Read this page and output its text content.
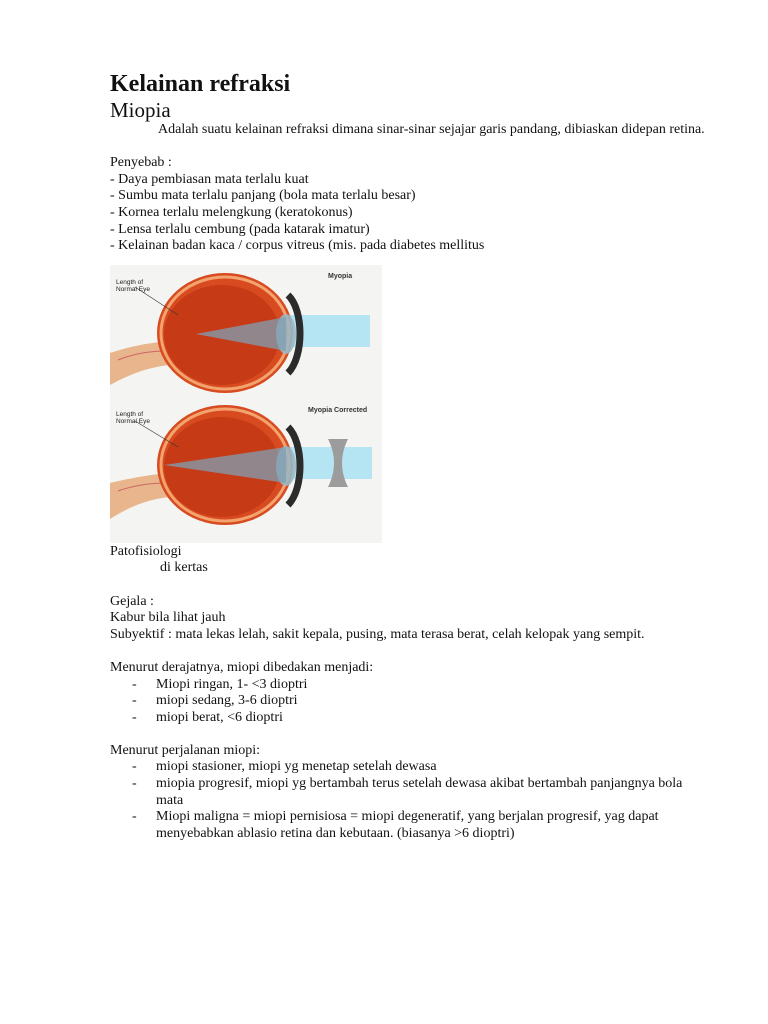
Kelainan refraksi
Miopia

Adalah suatu kelainan refraksi dimana sinar-sinar sejajar garis pandang, dibiaskan didepan retina.

Penyebab :
- Daya pembiasan mata terlalu kuat
- Sumbu mata terlalu panjang (bola mata terlalu besar)
- Kornea terlalu melengkung (keratokonus)
- Lensa terlalu cembung (pada katarak imatur)
- Kelainan badan kaca / corpus vitreus (mis. pada diabetes mellitus
Length of Normal Eye
Myopia
Length of Normal Eye
Myopia Corrected
Patofisiologi
di kertas
Gejala :
Kabur bila lihat jauh
Subyektif : mata lekas lelah, sakit kepala, pusing, mata terasa berat, celah kelopak yang sempit.
Menurut derajatnya, miopi dibedakan menjadi:
- Miopi ringan, 1- <3 dioptri
- miopi sedang, 3-6 dioptri
- miopi berat, <6 dioptri
Menurut perjalanan miopi:
- miopi stasioner, miopi yg menetap setelah dewasa
- miopia progresif, miopi yg bertambah terus setelah dewasa akibat bertambah panjangnya bola mata
- Miopi maligna = miopi pernisiosa = miopi degeneratif, yang berjalan progresif, yag dapat menyebabkan ablasio retina dan kebutaan. (biasanya >6 dioptri)
